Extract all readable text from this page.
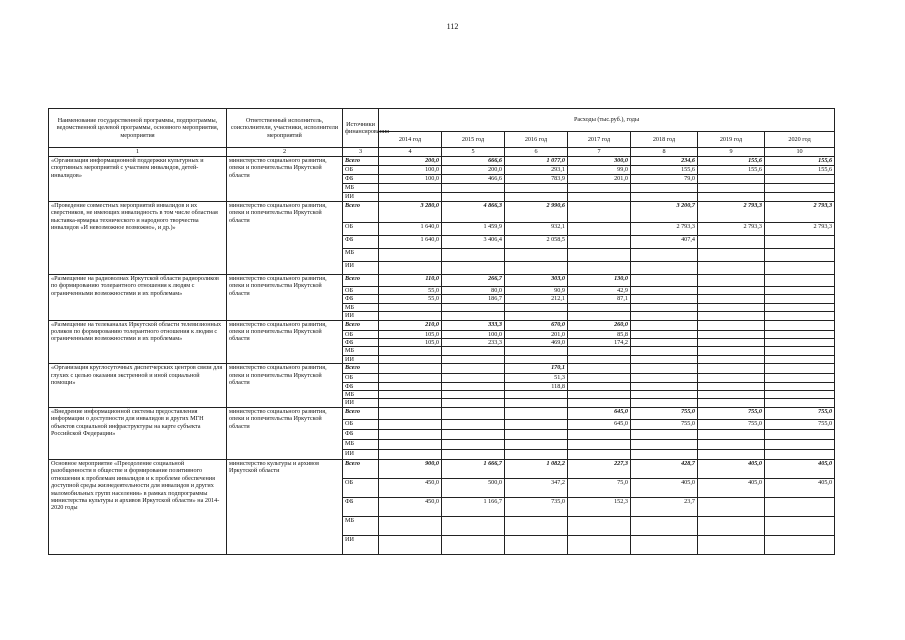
112
Наименование государственной программы, подпрограммы, ведомственной целевой программы, основного мероприятия, мероприятия	Ответственный исполнитель, соисполнители, участники, исполнители мероприятий	Источники финансирования	Расходы (тыс.руб.), годы						
			2014 год	2015 год	2016 год	2017 год	2018 год	2019 год	2020 год
1	2	3	4	5	6	7	8	9	10
«Организация информационной поддержки культурных и спортивных мероприятий с участием инвалидов, детей-инвалидов»	министерство социального развития, опеки и попечительства Иркутской области	Всего	200,0	666,6	1 077,0	300,0	234,6	155,6	155,6
		ОБ	100,0	200,0	293,1	99,0	155,6	155,6	155,6
		ФБ	100,0	466,6	783,9	201,0	79,0		
		МБ							
		ИИ							
«Проведение совместных мероприятий инвалидов и их сверстников, не имеющих инвалидность в том числе областная выставка-ярмарка технического и народного творчества инвалидов «И невозможное возможно», и др.)»	министерство социального развития, опеки и попечительства Иркутской области	Всего	3 280,0	4 866,3	2 990,6		3 200,7	2 793,3	2 793,3
		ОБ	1 640,0	1 459,9	932,1		2 793,3	2 793,3	2 793,3
		ФБ	1 640,0	3 406,4	2 058,5		407,4		
		МБ							
		ИИ							
«Размещение на радиоволнах Иркутской области радиороликов по формированию толерантного отношения к людям с ограниченными возможностями и их проблемам»	министерство социального развития, опеки и попечительства Иркутской области	Всего	110,0	266,7	303,0	130,0			
		ОБ	55,0	80,0	90,9	42,9			
		ФБ	55,0	186,7	212,1	87,1			
		МБ							
		ИИ							
«Размещение на телеканалах Иркутской области телевизионных роликов по формированию толерантного отношения к людям с ограниченными возможностями и их проблемам»	министерство социального развития, опеки и попечительства Иркутской области	Всего	210,0	333,3	670,0	260,0			
		ОБ	105,0	100,0	201,0	85,8			
		ФБ	105,0	233,3	469,0	174,2			
		МБ							
		ИИ							
«Организация круглосуточных диспетчерских центров связи для глухих с целью оказания экстренной и иной социальной помощи»	министерство социального развития, опеки и попечительства Иркутской области	Всего			170,1				
		ОБ			51,3				
		ФБ			118,8				
		МБ							
		ИИ							
«Внедрение информационной системы предоставления информации о доступности для инвалидов и других МГН объектов социальной инфраструктуры на карте субъекта Российской Федерации»	министерство социального развития, опеки и попечительства Иркутской области	Всего				645,0	755,0	755,0	755,0
		ОБ				645,0	755,0	755,0	755,0
		ФБ							
		МБ							
		ИИ							
Основное мероприятие «Преодоление социальной разобщенности в обществе и формирование позитивного отношения к проблемам инвалидов и к проблеме обеспечения доступной среды жизнедеятельности для инвалидов и других маломобильных групп населения» в рамках подпрограммы министерства культуры и архивов Иркутской области» на 2014-2020 годы	министерство культуры и архивов Иркутской области	Всего	900,0	1 666,7	1 082,2	227,3	428,7	405,0	405,0
		ОБ	450,0	500,0	347,2	75,0	405,0	405,0	405,0
		ФБ	450,0	1 166,7	735,0	152,3	23,7		
		МБ							
		ИИ							
